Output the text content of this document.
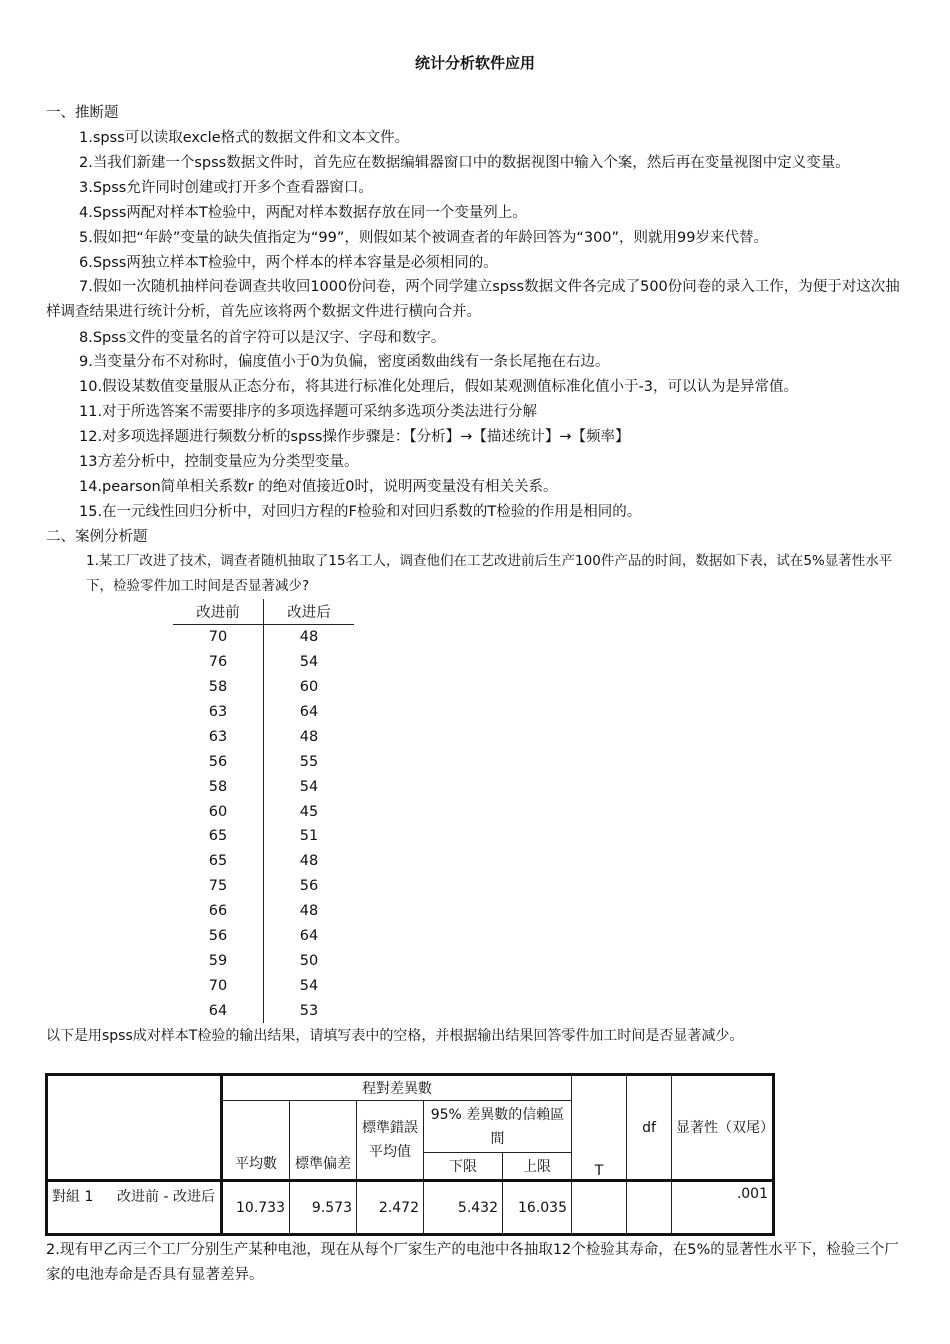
统计分析软件应用
一、推断题
1.spss可以读取excle格式的数据文件和文本文件。
2.当我们新建一个spss数据文件时，首先应在数据编辑器窗口中的数据视图中输入个案，然后再在变量视图中定义变量。
3.Spss允许同时创建或打开多个查看器窗口。
4.Spss两配对样本T检验中，两配对样本数据存放在同一个变量列上。
5.假如把“年龄”变量的缺失值指定为“99”，则假如某个被调查者的年龄回答为“300”，则就用99岁来代替。
6.Spss两独立样本T检验中，两个样本的样本容量是必须相同的。
7.假如一次随机抽样问卷调查共收回1000份问卷，两个同学建立spss数据文件各完成了500份问卷的录入工作，为便于对这次抽样调查结果进行统计分析，首先应该将两个数据文件进行横向合并。
8.Spss文件的变量名的首字符可以是汉字、字母和数字。
9.当变量分布不对称时，偏度值小于0为负偏，密度函数曲线有一条长尾拖在右边。
10.假设某数值变量服从正态分布，将其进行标准化处理后，假如某观测值标准化值小于-3，可以认为是异常值。
11.对于所选答案不需要排序的多项选择题可采纳多选项分类法进行分解
12.对多项选择题进行频数分析的spss操作步骤是：【分析】→【描述统计】→【频率】
13方差分析中，控制变量应为分类型变量。
14.pearson简单相关系数r 的绝对值接近0时，说明两变量没有相关关系。
15.在一元线性回归分析中，对回归方程的F检验和对回归系数的T检验的作用是相同的。
二、案例分析题
1.某工厂改进了技术，调查者随机抽取了15名工人，调查他们在工艺改进前后生产100件产品的时间，数据如下表，试在5%显著性水平下，检验零件加工时间是否显著减少?
改进前	改进后
70	48
76	54
58	60
63	64
63	48
56	55
58	54
60	45
65	51
65	48
75	56
66	48
56	64
59	50
70	54
64	53
以下是用spss成对样本T检验的输出结果，请填写表中的空格，并根据输出结果回答零件加工时间是否显著减少。
	程對差異數					T	df	显著性（双尾）
	平均數	標準偏差	標準錯誤平均值	95% 差異數的信賴區間				
				下限	上限			

對組 1 改进前 - 改进后	10.733	9.573	2.472	5.432	16.035			.001
2.现有甲乙丙三个工厂分别生产某种电池，现在从每个厂家生产的电池中各抽取12个检验其寿命，在5%的显著性水平下，检验三个厂家的电池寿命是否具有显著差异。
